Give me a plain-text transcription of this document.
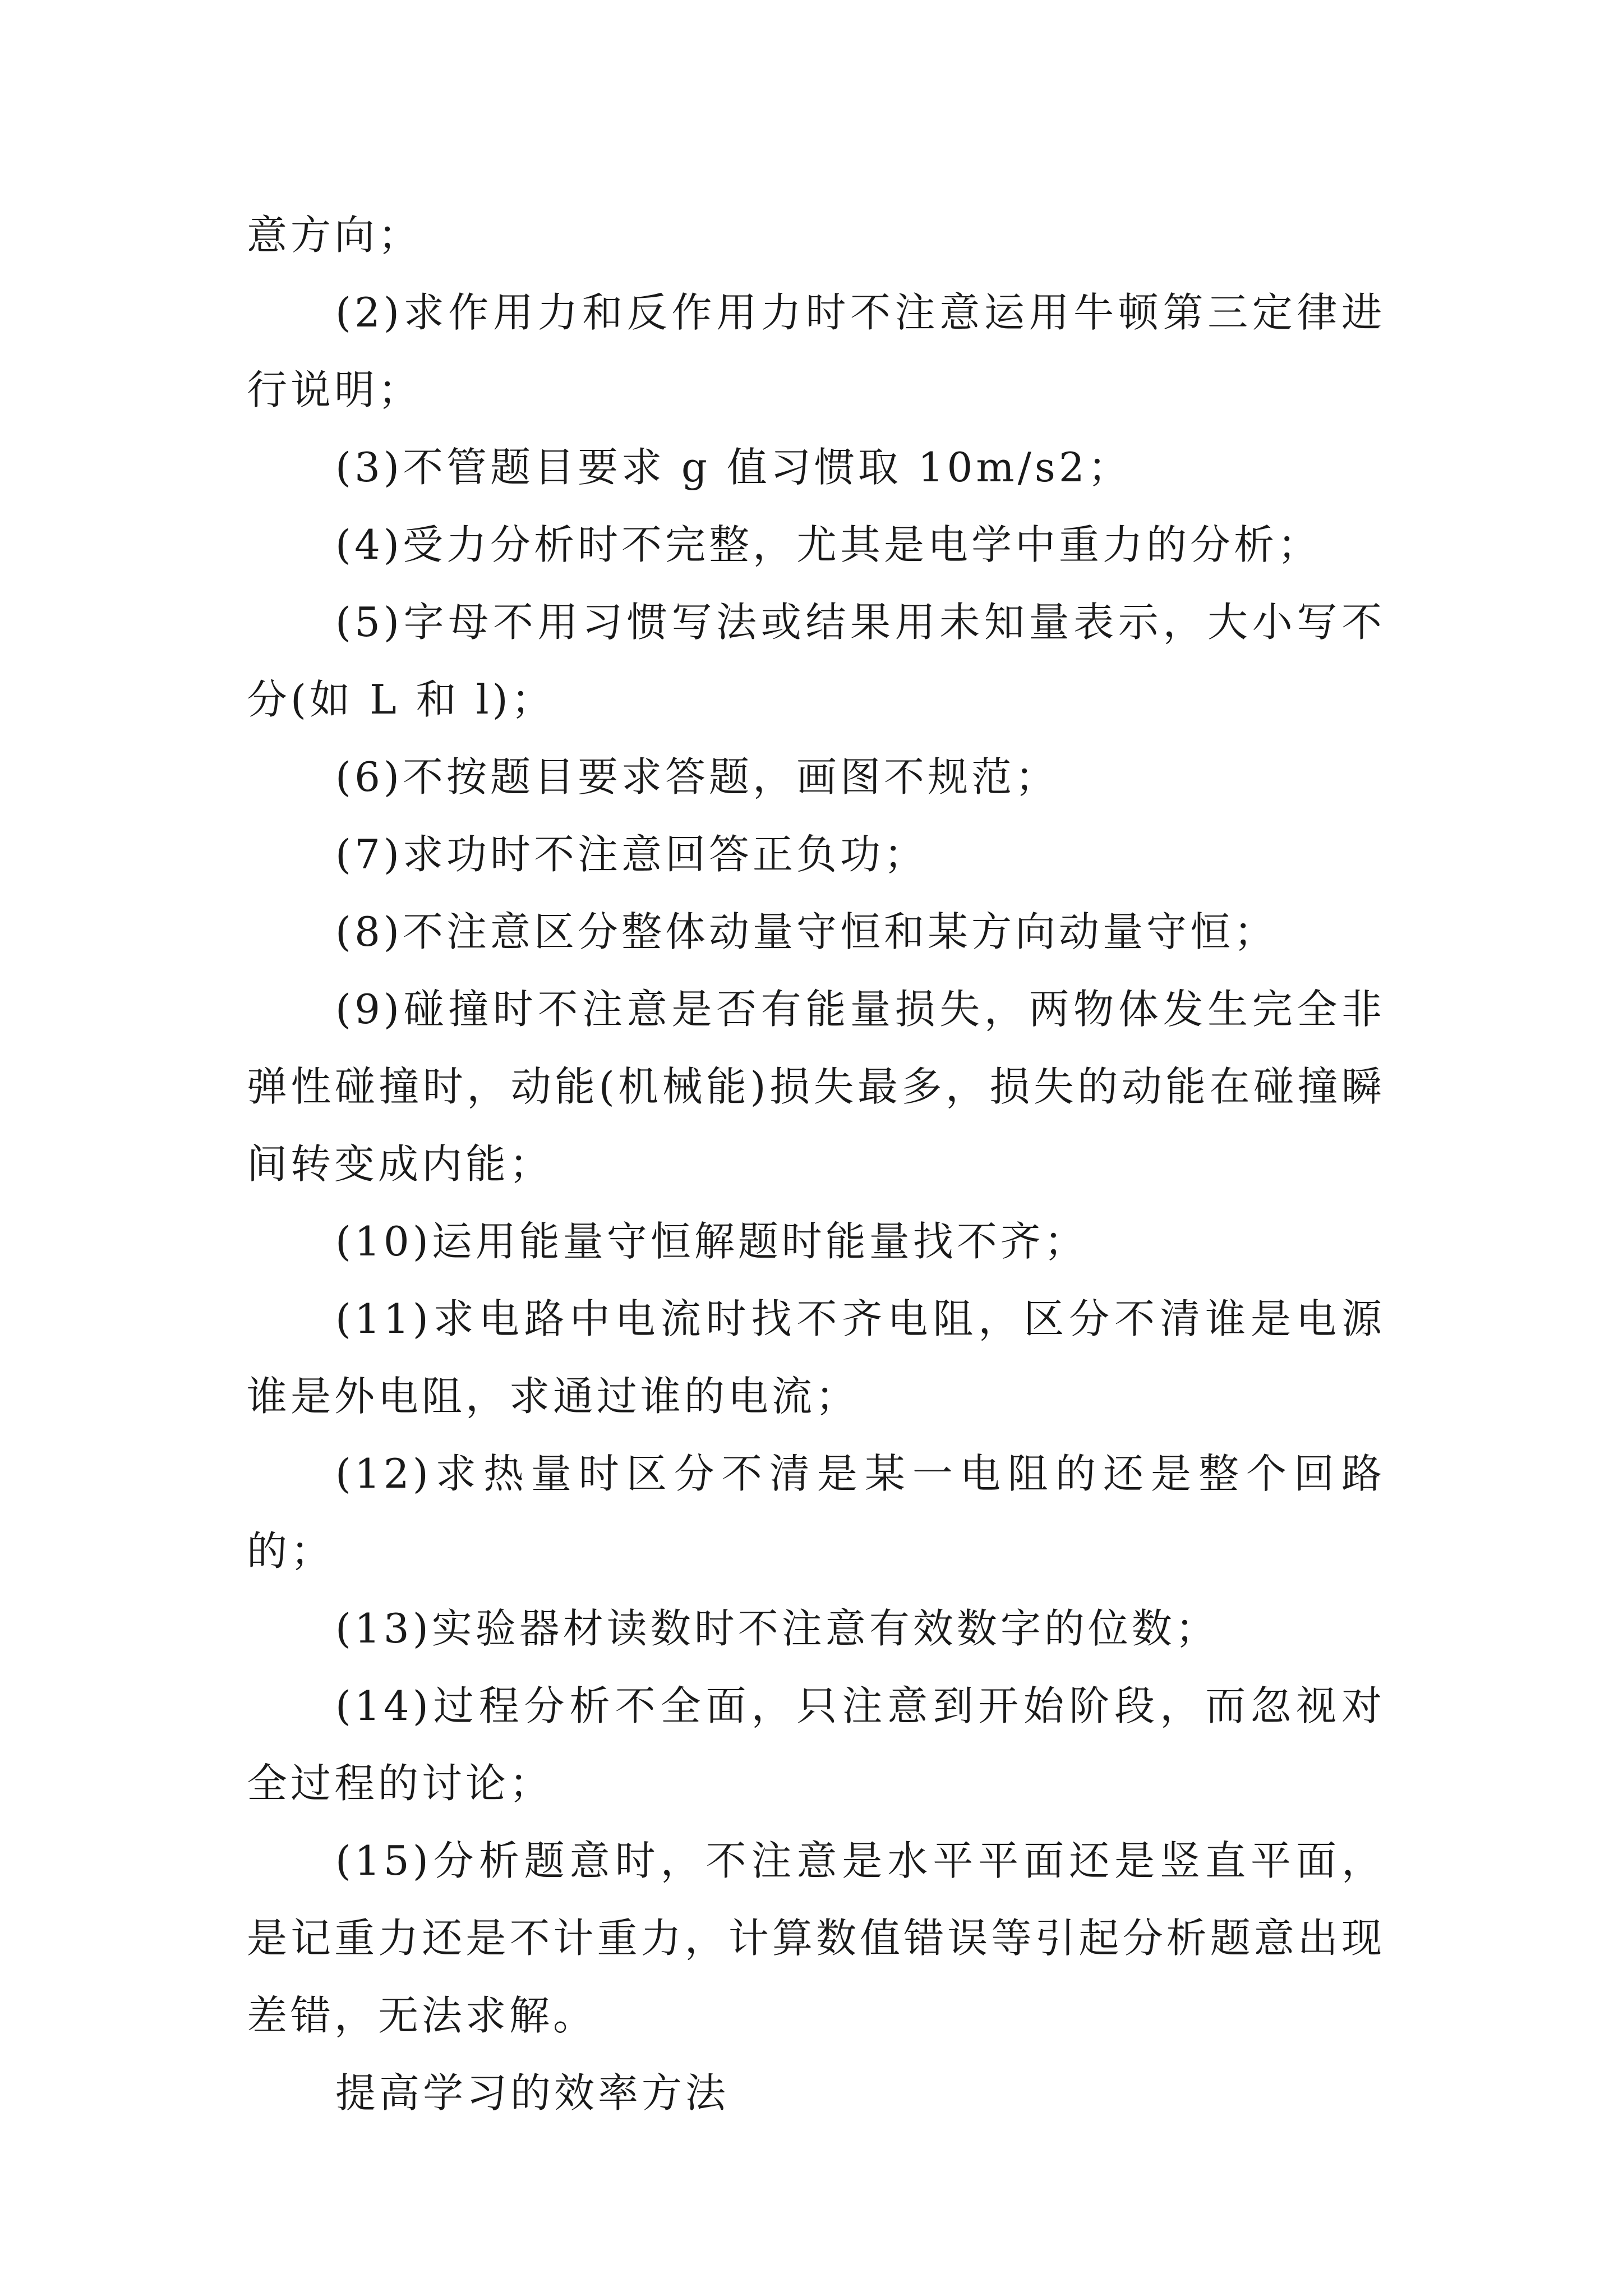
意方向；

(2)求作用力和反作用力时不注意运用牛顿第三定律进行说明；

(3)不管题目要求 g 值习惯取 10m/s2；

(4)受力分析时不完整，尤其是电学中重力的分析；

(5)字母不用习惯写法或结果用未知量表示，大小写不分(如 L 和 l)；

(6)不按题目要求答题，画图不规范；

(7)求功时不注意回答正负功；

(8)不注意区分整体动量守恒和某方向动量守恒；

(9)碰撞时不注意是否有能量损失，两物体发生完全非弹性碰撞时，动能(机械能)损失最多，损失的动能在碰撞瞬间转变成内能；

(10)运用能量守恒解题时能量找不齐；

(11)求电路中电流时找不齐电阻，区分不清谁是电源谁是外电阻，求通过谁的电流；

(12)求热量时区分不清是某一电阻的还是整个回路的；

(13)实验器材读数时不注意有效数字的位数；

(14)过程分析不全面，只注意到开始阶段，而忽视对全过程的讨论；

(15)分析题意时，不注意是水平平面还是竖直平面，是记重力还是不计重力，计算数值错误等引起分析题意出现差错，无法求解。

提高学习的效率方法
